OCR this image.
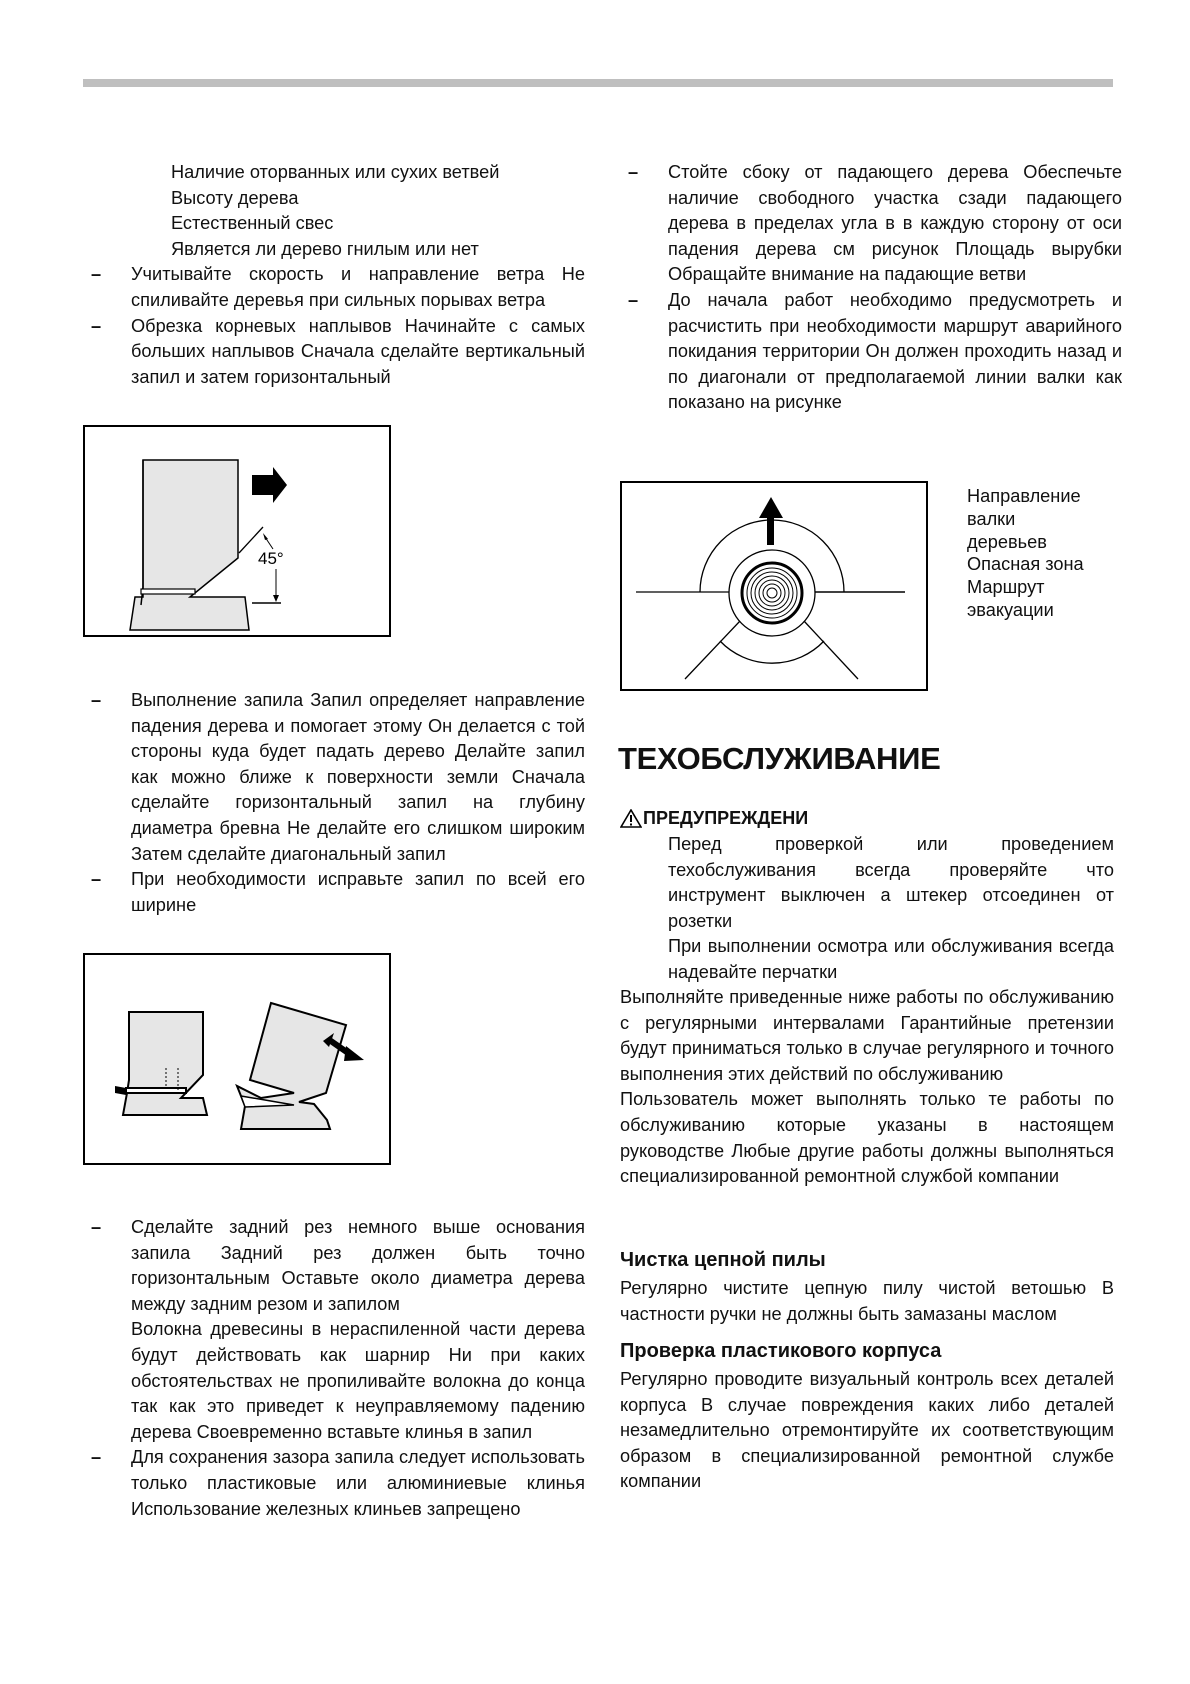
Наличие оторванных или сухих ветвей

Высоту дерева

Естественный свес

Является ли дерево гнилым или нет

– Учитывайте скорость и направление ветра Не спиливайте деревья при сильных порывах ветра
– Обрезка корневых наплывов Начинайте с самых больших наплывов Сначала сделайте вертикальный запил и затем горизонтальный
45°
– Выполнение запила Запил определяет направление падения дерева и помогает этому Он делается с той стороны куда будет падать дерево Делайте запил как можно ближе к поверхности земли Сначала сделайте горизонтальный запил на глубину диаметра бревна Не делайте его слишком широким Затем сделайте диагональный запил
– При необходимости исправьте запил по всей его ширине
– Сделайте задний рез немного выше основания запила Задний рез должен быть точно горизонтальным Оставьте около диаметра дерева между задним резом и запилом
Волокна древесины в нераспиленной части дерева будут действовать как шарнир Ни при каких обстоятельствах не пропиливайте волокна до конца так как это приведет к неуправляемому падению дерева Своевременно вставьте клинья в запил
– Для сохранения зазора запила следует использовать только пластиковые или алюминиевые клинья Использование железных клиньев запрещено
– Стойте сбоку от падающего дерева Обеспечьте наличие свободного участка сзади падающего дерева в пределах угла в в каждую сторону от оси падения дерева см рисунок Площадь вырубки Обращайте внимание на падающие ветви
– До начала работ необходимо предусмотреть и расчистить при необходимости маршрут аварийного покидания территории Он должен проходить назад и по диагонали от предполагаемой линии валки как показано на рисунке

Направление

валки

деревьев

Опасная зона

Маршрут

эвакуации

ТЕХОБСЛУЖИВАНИЕ
ПРЕДУПРЕЖДЕНИ

Перед проверкой или проведением техобслуживания всегда проверяйте что инструмент выключен а штекер отсоединен от розетки

При выполнении осмотра или обслуживания всегда надевайте перчатки

Выполняйте приведенные ниже работы по обслуживанию с регулярными интервалами Гарантийные претензии будут приниматься только в случае регулярного и точного выполнения этих действий по обслуживанию

Пользователь может выполнять только те работы по обслуживанию которые указаны в настоящем руководстве Любые другие работы должны выполняться специализированной ремонтной службой компании

Чистка цепной пилы
Регулярно чистите цепную пилу чистой ветошью В частности ручки не должны быть замазаны маслом
Проверка пластикового корпуса
Регулярно проводите визуальный контроль всех деталей корпуса В случае повреждения каких либо деталей незамедлительно отремонтируйте их соответствующим образом в специализированной ремонтной службе компании
